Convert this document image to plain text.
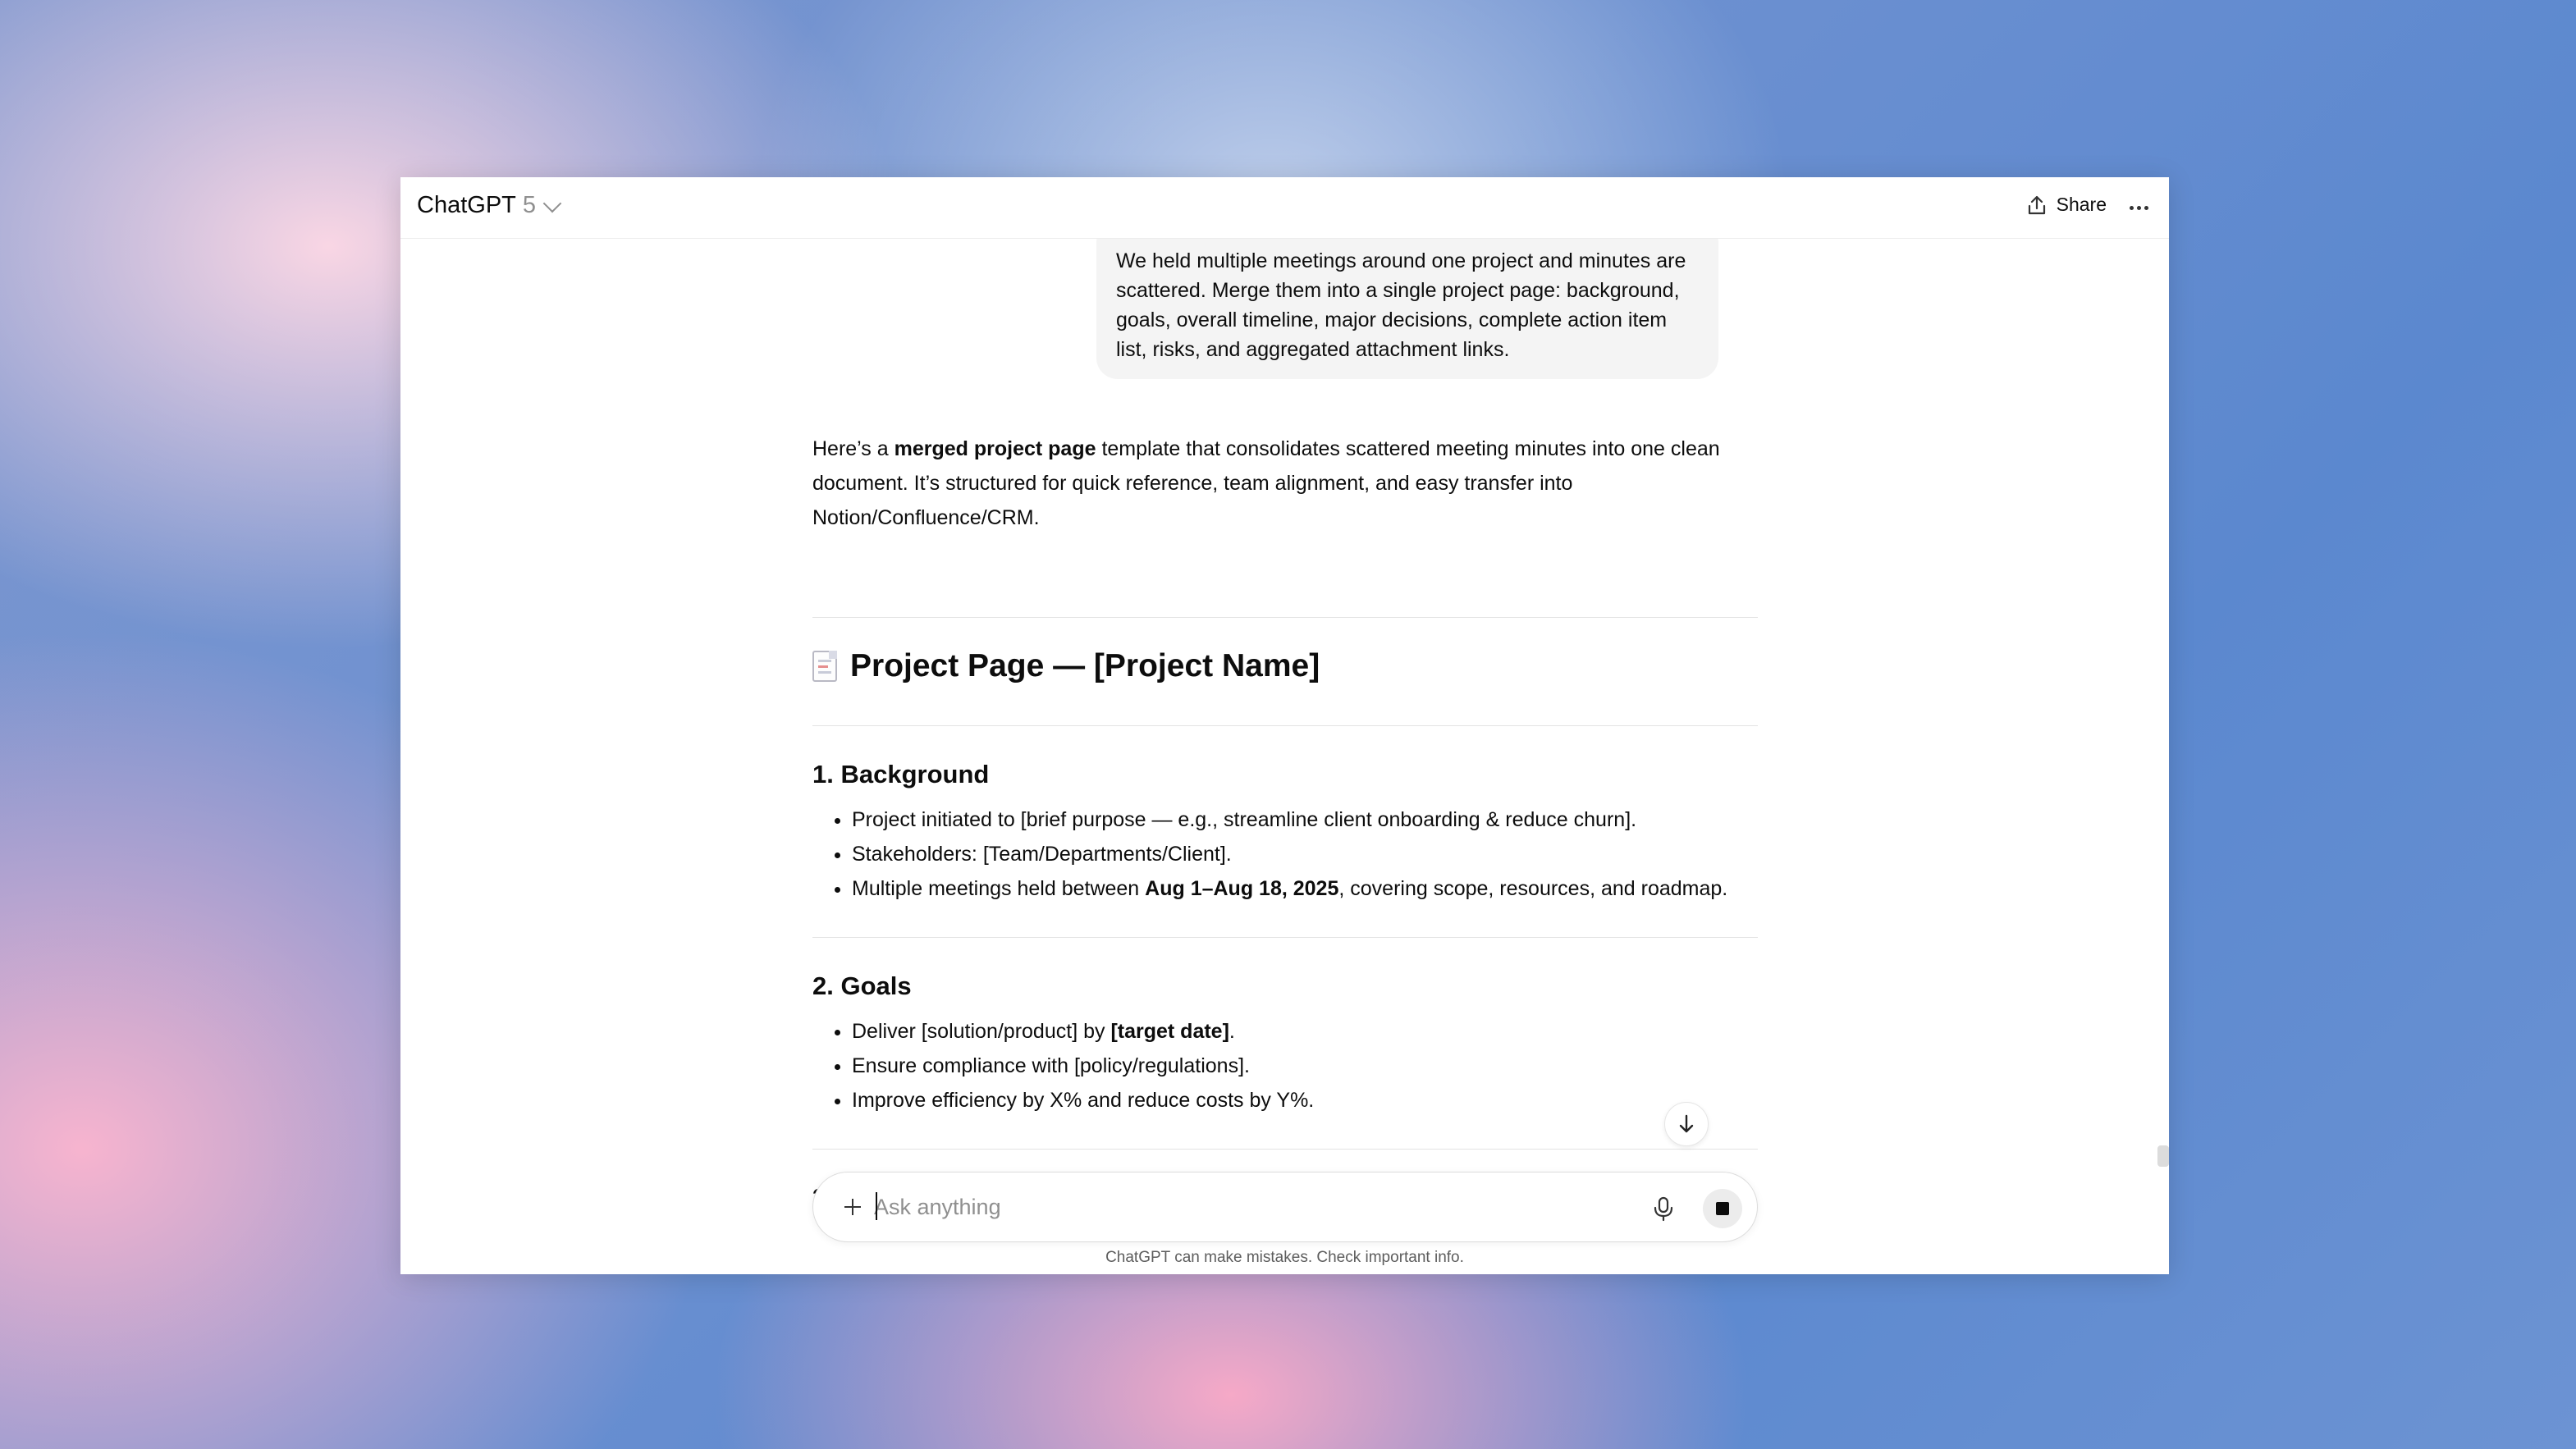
ChatGPT 5	Share
We held multiple meetings around one project and minutes are scattered. Merge them into a single project page: background, goals, overall timeline, major decisions, complete action item list, risks, and aggregated attachment links.

Here’s a merged project page template that consolidates scattered meeting minutes into one clean document. It’s structured for quick reference, team alignment, and easy transfer into Notion/Confluence/CRM.

Project Page — [Project Name]
1. Background
• Project initiated to [brief purpose — e.g., streamline client onboarding & reduce churn].
• Stakeholders: [Team/Departments/Client].
• Multiple meetings held between Aug 1–Aug 18, 2025, covering scope, resources, and roadmap.
2. Goals
• Deliver [solution/product] by [target date].
• Ensure compliance with [policy/regulations].
• Improve efficiency by X% and reduce costs by Y%.
Ask anything
ChatGPT can make mistakes. Check important info.
